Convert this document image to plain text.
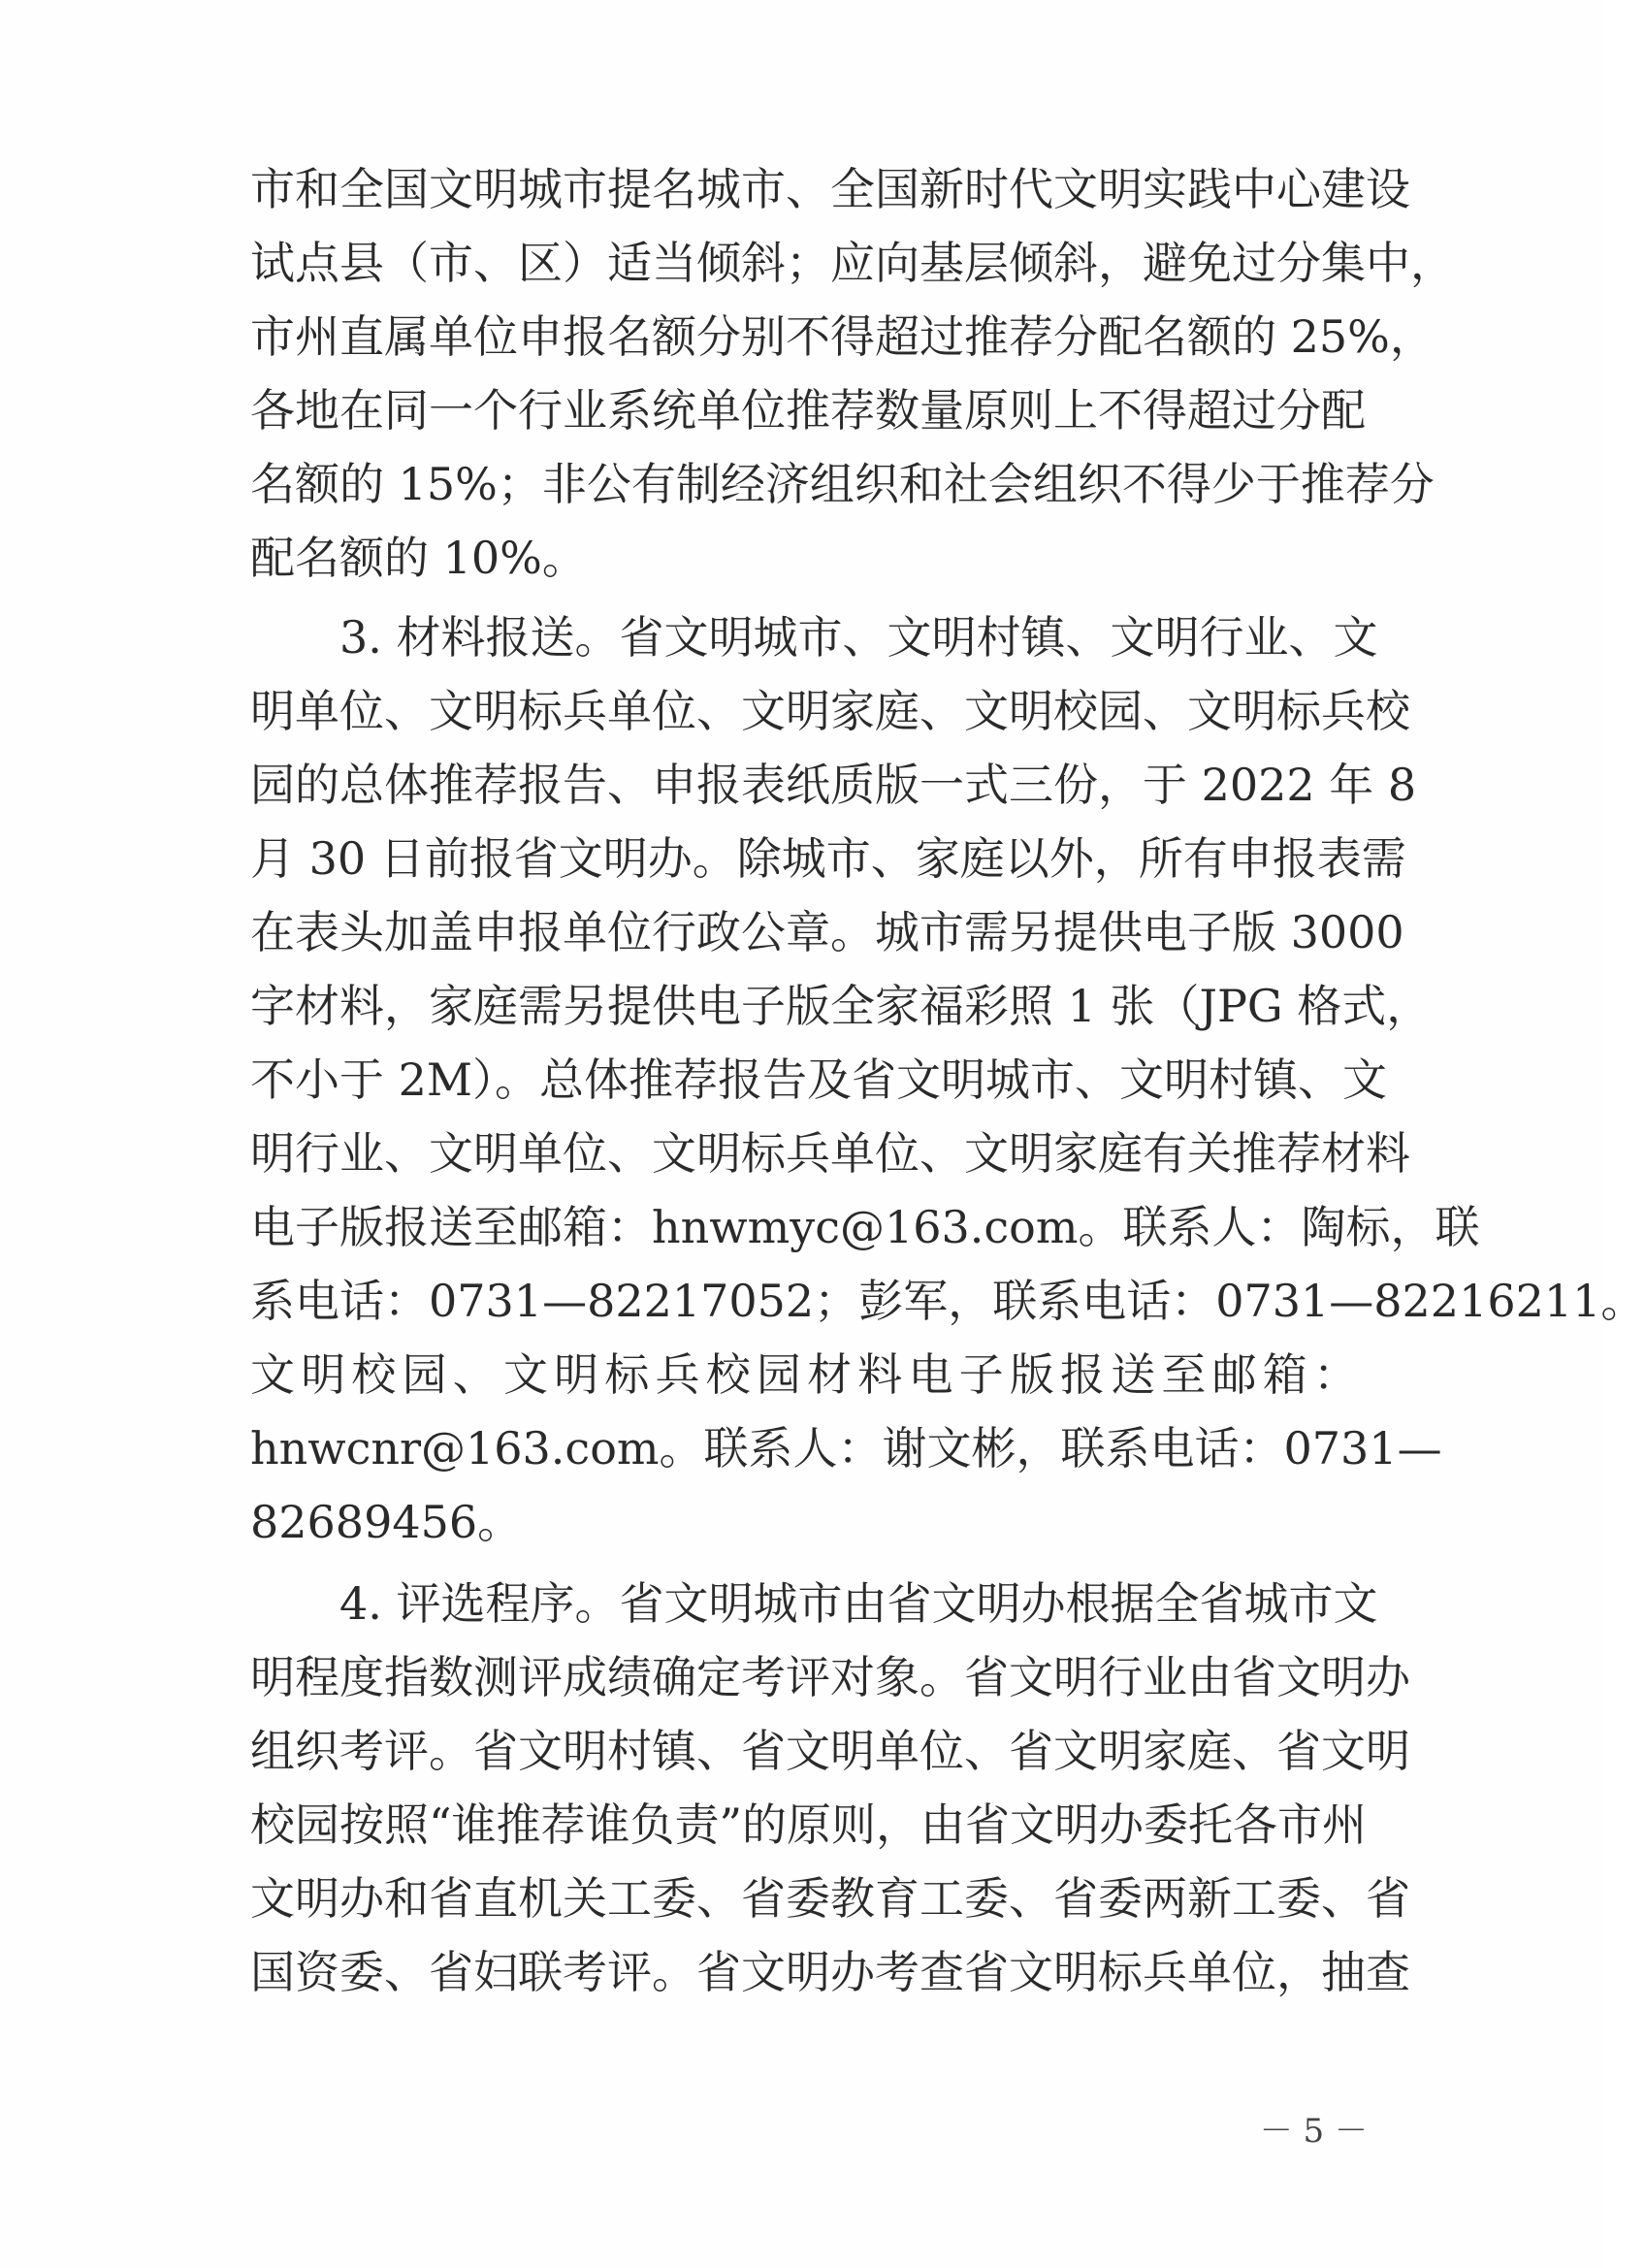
市和全国文明城市提名城市、全国新时代文明实践中心建设
试点县（市、区）适当倾斜；应向基层倾斜，避免过分集中，
市州直属单位申报名额分别不得超过推荐分配名额的 25%，
各地在同一个行业系统单位推荐数量原则上不得超过分配
名额的 15%；非公有制经济组织和社会组织不得少于推荐分
配名额的 10%。
　　3. 材料报送。省文明城市、文明村镇、文明行业、文
明单位、文明标兵单位、文明家庭、文明校园、文明标兵校
园的总体推荐报告、申报表纸质版一式三份，于 2022 年 8
月 30 日前报省文明办。除城市、家庭以外，所有申报表需
在表头加盖申报单位行政公章。城市需另提供电子版 3000
字材料，家庭需另提供电子版全家福彩照 1 张（JPG 格式，
不小于 2M）。总体推荐报告及省文明城市、文明村镇、文
明行业、文明单位、文明标兵单位、文明家庭有关推荐材料
电子版报送至邮箱：hnwmyc@163.com。联系人：陶标，联
系电话：0731—82217052；彭军，联系电话：0731—82216211。
文明校园、文明标兵校园材料电子版报送至邮箱：
hnwcnr@163.com。联系人：谢文彬，联系电话：0731—
82689456。
　　4. 评选程序。省文明城市由省文明办根据全省城市文
明程度指数测评成绩确定考评对象。省文明行业由省文明办
组织考评。省文明村镇、省文明单位、省文明家庭、省文明
校园按照“谁推荐谁负责”的原则，由省文明办委托各市州
文明办和省直机关工委、省委教育工委、省委两新工委、省
国资委、省妇联考评。省文明办考查省文明标兵单位，抽查
－ 5 －
